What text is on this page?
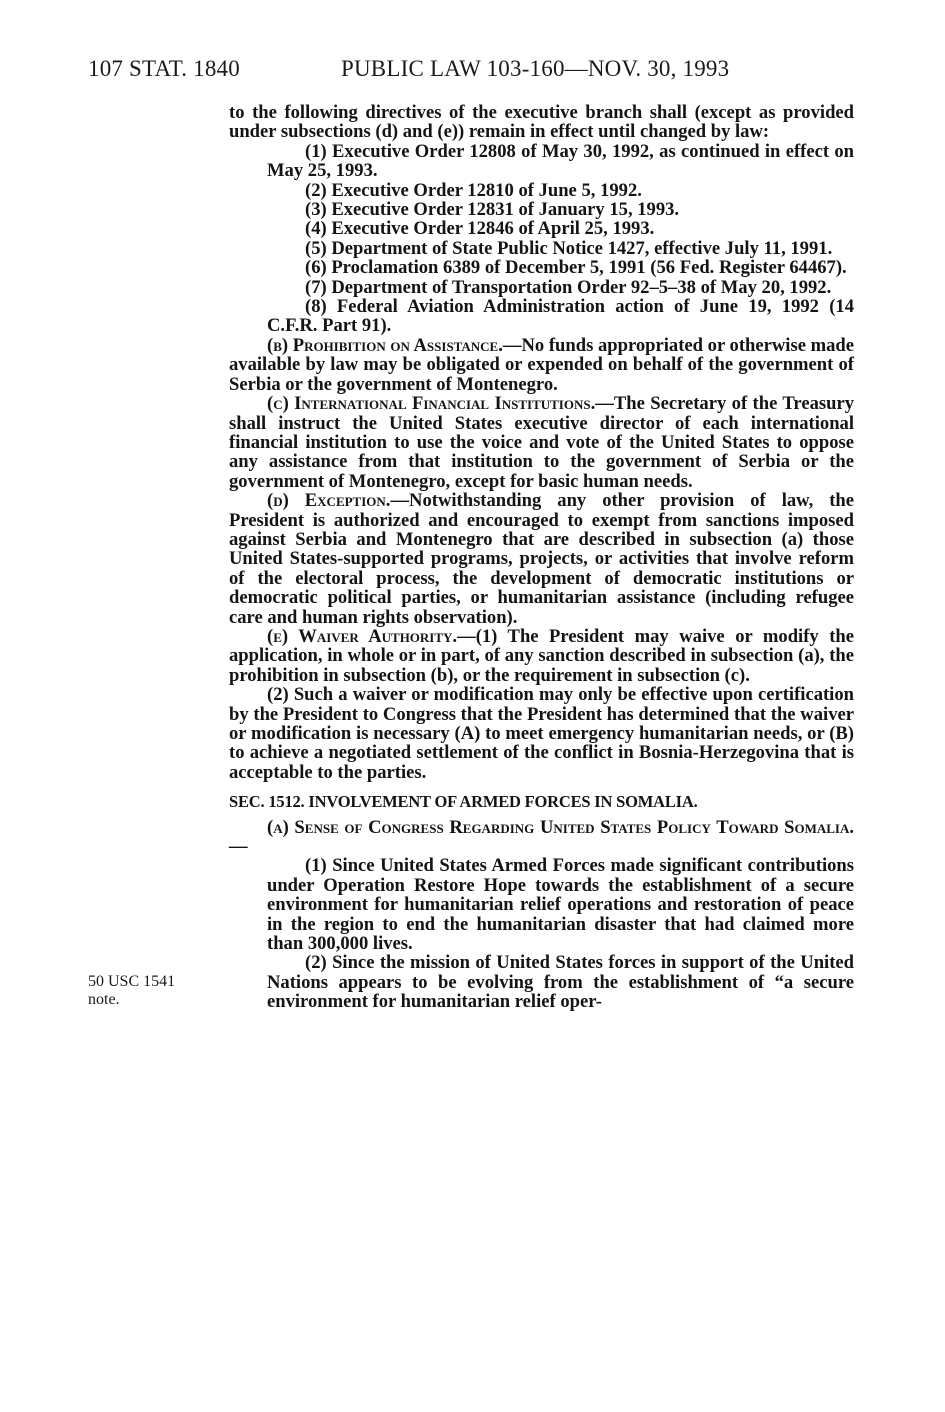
107 STAT. 1840	PUBLIC LAW 103-160—NOV. 30, 1993
50 USC 1541
note.

to the following directives of the executive branch shall (except as provided under subsections (d) and (e)) remain in effect until changed by law:

(1) Executive Order 12808 of May 30, 1992, as continued in effect on May 25, 1993.

(2) Executive Order 12810 of June 5, 1992.

(3) Executive Order 12831 of January 15, 1993.

(4) Executive Order 12846 of April 25, 1993.

(5) Department of State Public Notice 1427, effective July 11, 1991.

(6) Proclamation 6389 of December 5, 1991 (56 Fed. Register 64467).

(7) Department of Transportation Order 92–5–38 of May 20, 1992.

(8) Federal Aviation Administration action of June 19, 1992 (14 C.F.R. Part 91).

(b) Prohibition on Assistance.—No funds appropriated or otherwise made available by law may be obligated or expended on behalf of the government of Serbia or the government of Montenegro.

(c) International Financial Institutions.—The Secretary of the Treasury shall instruct the United States executive director of each international financial institution to use the voice and vote of the United States to oppose any assistance from that institution to the government of Serbia or the government of Montenegro, except for basic human needs.

(d) Exception.—Notwithstanding any other provision of law, the President is authorized and encouraged to exempt from sanctions imposed against Serbia and Montenegro that are described in subsection (a) those United States-supported programs, projects, or activities that involve reform of the electoral process, the development of democratic institutions or democratic political parties, or humanitarian assistance (including refugee care and human rights observation).

(e) Waiver Authority.—(1) The President may waive or modify the application, in whole or in part, of any sanction described in subsection (a), the prohibition in subsection (b), or the requirement in subsection (c).

(2) Such a waiver or modification may only be effective upon certification by the President to Congress that the President has determined that the waiver or modification is necessary (A) to meet emergency humanitarian needs, or (B) to achieve a negotiated settlement of the conflict in Bosnia-Herzegovina that is acceptable to the parties.

SEC. 1512. INVOLVEMENT OF ARMED FORCES IN SOMALIA.

(a) Sense of Congress Regarding United States Policy Toward Somalia.—

(1) Since United States Armed Forces made significant contributions under Operation Restore Hope towards the establishment of a secure environment for humanitarian relief operations and restoration of peace in the region to end the humanitarian disaster that had claimed more than 300,000 lives.

(2) Since the mission of United States forces in support of the United Nations appears to be evolving from the establishment of “a secure environment for humanitarian relief oper-
